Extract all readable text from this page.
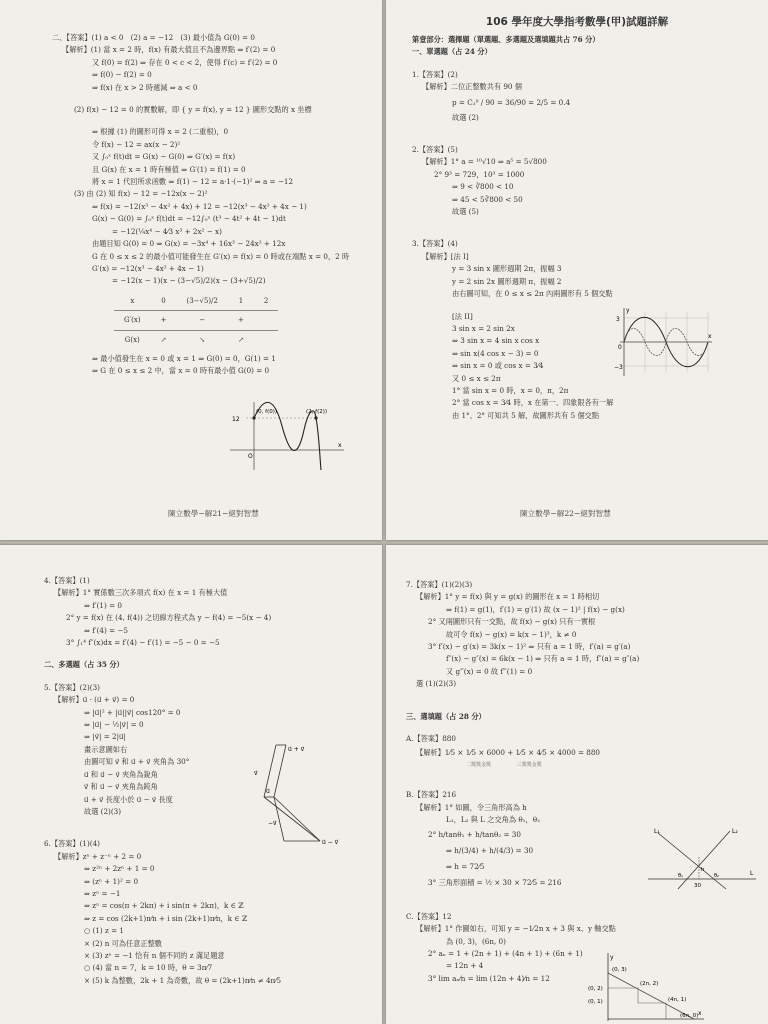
二、【答案】(1) a < 0　(2) a = −12　(3) 最小值為 G(0) = 0
【解析】(1) 當 x = 2 時，f(x) 有最大值且不為邊界點 ⇒ f′(2) = 0
又 f(0) = f(2) ⇒ 存在 0 < c < 2，使得 f′(c) = f′(2) = 0
⇒ f(0) − f(2) = 0
⇒ f(x) 在 x > 2 時遞減 ⇒ a < 0
(2) f(x) − 12 = 0 的實數解，即 { y = f(x), y = 12 } 圖形交點的 x 坐標
⇒ 根據 (1) 的圖形可得 x = 2 (二重根)，0
令 f(x) − 12 = ax(x − 2)²
又 ∫₀ˣ f(t)dt = G(x) − G(0) ⇒ G′(x) = f(x)
且 G(x) 在 x = 1 時有極值 ⇒ G′(1) = f(1) = 0
將 x = 1 代回所求函數 ⇒ f(1) − 12 = a·1·(−1)² ⇒ a = −12
(3) 由 (2) 知 f(x) − 12 = −12x(x − 2)²
⇒ f(x) = −12(x³ − 4x² + 4x) + 12 = −12(x³ − 4x² + 4x − 1)
G(x) − G(0) = ∫₀ˣ f(t)dt = −12∫₀ˣ (t³ − 4t² + 4t − 1)dt
= −12(¼x⁴ − 4⁄3 x³ + 2x² − x)
由題目知 G(0) = 0 ⇒ G(x) = −3x⁴ + 16x³ − 24x² + 12x
G 在 0 ≤ x ≤ 2 的最小值可能發生在 G′(x) = f(x) = 0 時或在端點 x = 0，2 時
G′(x) = −12(x³ − 4x² + 4x − 1)
= −12(x − 1)(x − (3−√5)/2)(x − (3+√5)/2)
x	0	(3−√5)/2	1	2
G′(x)	+	−	+	
G(x)	↗	↘	↗	
⇒ 最小值發生在 x = 0 或 x = 1 ⇒ G(0) = 0，G(1) = 1
⇒ G 在 0 ≤ x ≤ 2 中，當 x = 0 時有最小值 G(0) = 0
12
(0, f(0))	(2, f(2))
O
x
陳立數學−解21−絕對智慧
106 學年度大學指考數學(甲)試題詳解
第壹部分：選擇題（單選題、多選題及選填題共占 76 分）
一、單選題（占 24 分）
1.【答案】(2)
【解析】二位正整數共有 90 個
p = C₂⁹ / 90 = 36/90 = 2/5 = 0.4
故選 (2)
2.【答案】(5)
【解析】1° a = ¹⁰√10 ⇒ a⁵ = 5√800
2° 9³ = 729，10³ = 1000
⇒ 9 < ∛800 < 10
⇒ 45 < 5∛800 < 50
故選 (5)
3.【答案】(4)
【解析】[法 I]
y = 3 sin x 圖形週期 2π，振幅 3
y = 2 sin 2x 圖形週期 π，振幅 2
由右圖可知，在 0 ≤ x ≤ 2π 內兩圖形有 5 個交點
[法 II]
3 sin x = 2 sin 2x
⇒ 3 sin x = 4 sin x cos x
⇒ sin x(4 cos x − 3) = 0
⇒ sin x = 0 或 cos x = 3⁄4
又 0 ≤ x ≤ 2π
1° 當 sin x = 0 時，x = 0，π，2π
2° 當 cos x = 3⁄4 時，x 在第一、四象限各有一解
由 1°、2° 可知共 5 解，故圖形共有 5 個交點
3
−3
0
x
y
陳立數學−解22−絕對智慧
4.【答案】(1)
【解析】1° 實係數三次多項式 f(x) 在 x = 1 有極大值
⇒ f′(1) = 0
2° y = f(x) 在 (4, f(4)) 之切線方程式為 y − f(4) = −5(x − 4)
⇒ f′(4) = −5
3° ∫₁⁴ f″(x)dx = f′(4) − f′(1) = −5 − 0 = −5
二、多選題（占 35 分）
5.【答案】(2)(3)
【解析】u⃗ · (u⃗ + v⃗) = 0
⇒ |u⃗|² + |u⃗||v⃗| cos120° = 0
⇒ |u⃗| − ½|v⃗| = 0
⇒ |v⃗| = 2|u⃗|
畫示意圖如右
由圖可知 v⃗ 和 u⃗ + v⃗ 夾角為 30°
u⃗ 和 u⃗ − v⃗ 夾角為銳角
v⃗ 和 u⃗ − v⃗ 夾角為鈍角
u⃗ + v⃗ 長度小於 u⃗ − v⃗ 長度
故選 (2)(3)
6.【答案】(1)(4)
【解析】zⁿ + z⁻ⁿ + 2 = 0
⇒ z²ⁿ + 2zⁿ + 1 = 0
⇒ (zⁿ + 1)² = 0
⇒ zⁿ = −1
⇒ zⁿ = cos(π + 2kπ) + i sin(π + 2kπ)，k ∈ ℤ
⇒ z = cos (2k+1)π⁄n + i sin (2k+1)π⁄n，k ∈ ℤ
○ (1) z = 1
× (2) n 可為任意正整數
× (3) zⁿ = −1 恰有 n 個不同的 z 滿足題意
○ (4) 當 n = 7，k = 10 時，θ = 3π⁄7
× (5) k 為整數，2k + 1 為奇數，故 θ = (2k+1)π⁄n ≠ 4π⁄5
u⃗ + v⃗
v⃗
u⃗
−v⃗
u⃗ − v⃗
7.【答案】(1)(2)(3)
【解析】1° y = f(x) 與 y = g(x) 的圖形在 x = 1 時相切
⇒ f(1) = g(1)，f′(1) = g′(1) 故 (x − 1)² | f(x) − g(x)
2° 又兩圖形只有一交點，故 f(x) − g(x) 只有一實根
故可令 f(x) − g(x) = k(x − 1)³，k ≠ 0
3° f′(x) − g′(x) = 3k(x − 1)² ⇒ 只有 a = 1 時，f′(a) = g′(a)
f″(x) − g″(x) = 6k(x − 1) ⇒ 只有 a = 1 時，f″(a) = g″(a)
又 g‴(x) = 0 故 f‴(1) = 0
選 (1)(2)(3)
三、選填題（占 28 分）
A.【答案】880
【解析】1⁄5 × 1⁄5 × 6000 + 1⁄5 × 4⁄5 × 4000 = 880
二獎獎金獎	三獎獎金獎
B.【答案】216
【解析】1° 如圖，令三角形高為 h
L₁，L₂ 與 L 之交角為 θ₁，θ₂
2° h/tanθ₁ + h/tanθ₂ = 30
⇒ h/(3/4) + h/(4/3) = 30
⇒ h = 72⁄5
3° 三角形面積 = ½ × 30 × 72⁄5 = 216
C.【答案】12
【解析】1° 作圖如右，可知 y = −1⁄2n x + 3 與 x、y 軸交點
為 (0, 3)，(6n, 0)
2° aₙ = 1 + (2n + 1) + (4n + 1) + (6n + 1)
= 12n + 4
3° lim aₙ⁄n = lim (12n + 4)⁄n = 12
L₁	L₂
L
h
30
θ₁	θ₂
(0, 3)
(0, 2)
(0, 1)
(2n, 2)
(4n, 1)
(6n, 0)
y
x
